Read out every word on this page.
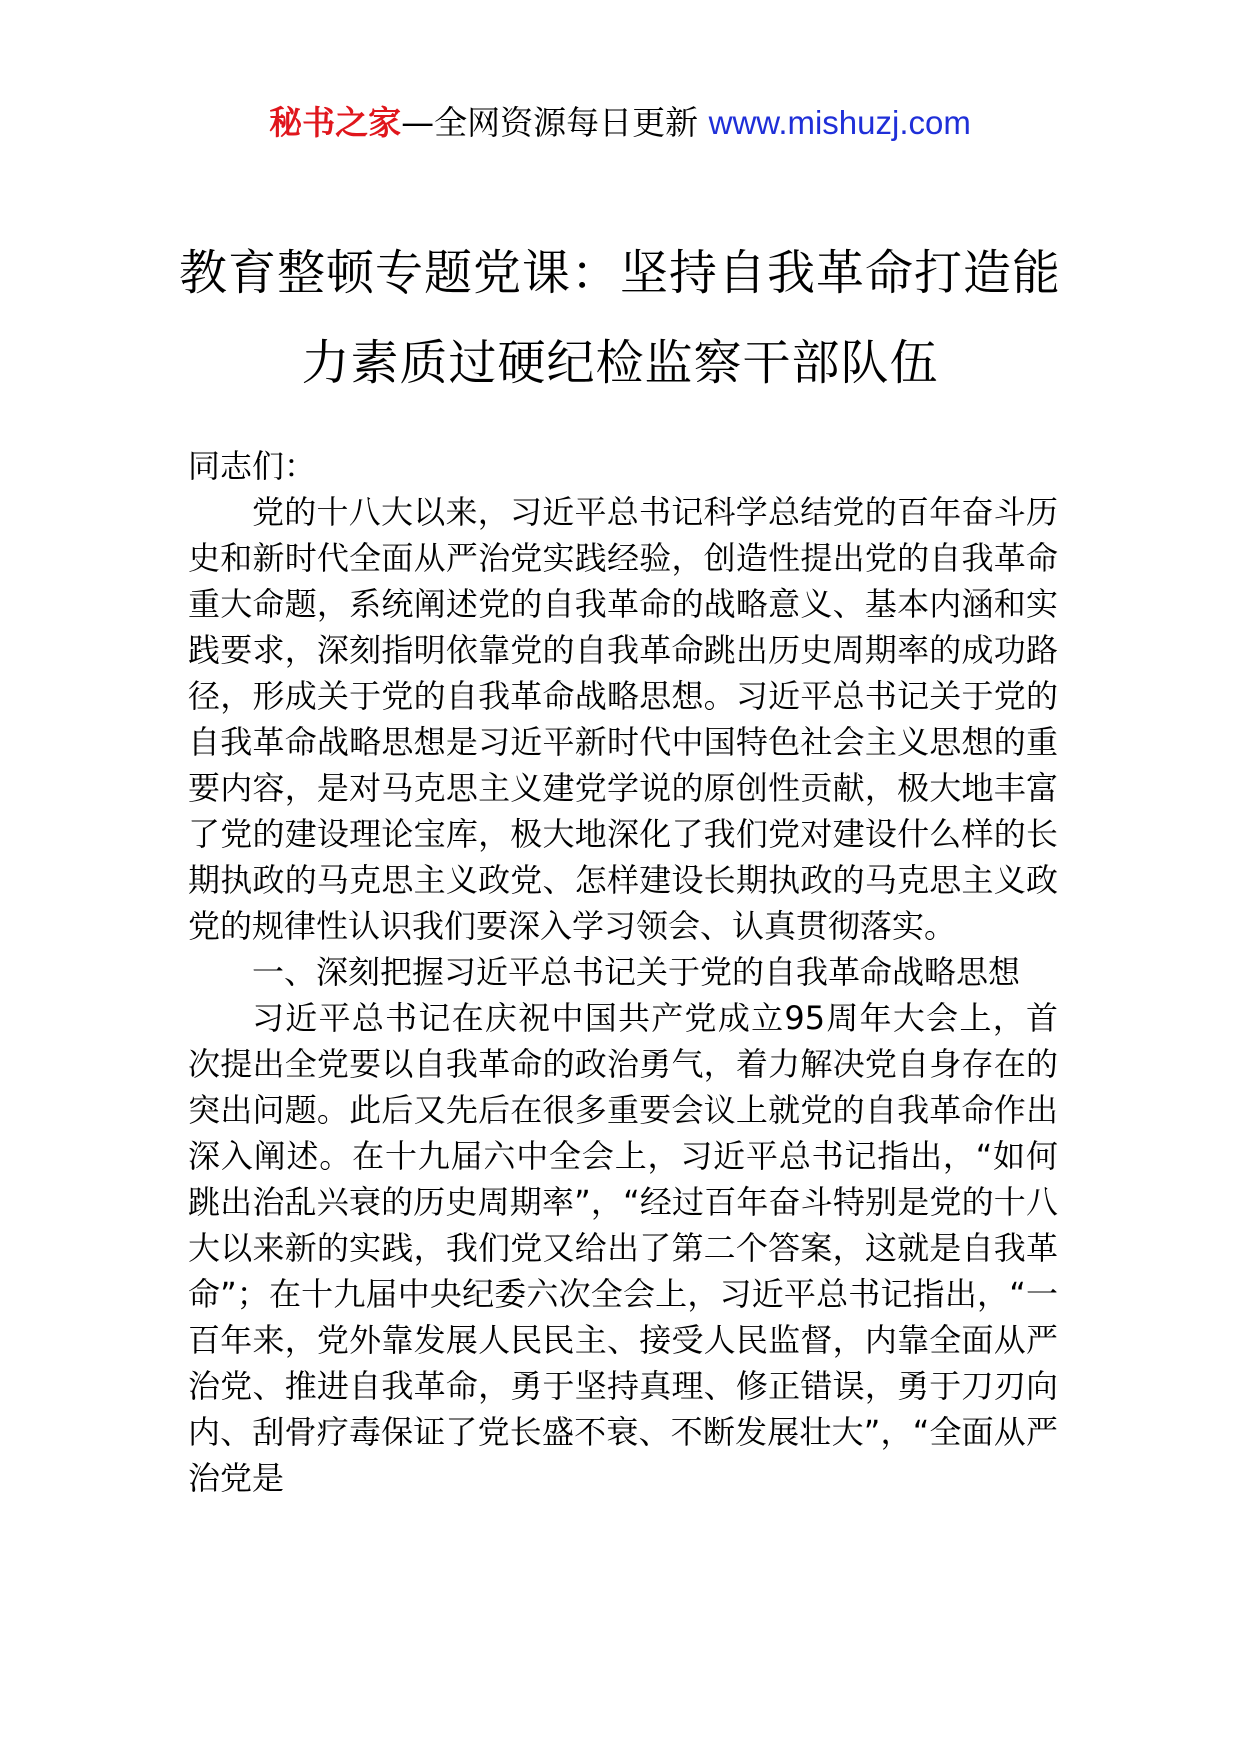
秘书之家—全网资源每日更新 www.mishuzj.com
教育整顿专题党课：坚持自我革命打造能
力素质过硬纪检监察干部队伍

同志们：

党的十八大以来，习近平总书记科学总结党的百年奋斗历史和新时代全面从严治党实践经验，创造性提出党的自我革命重大命题，系统阐述党的自我革命的战略意义、基本内涵和实践要求，深刻指明依靠党的自我革命跳出历史周期率的成功路径，形成关于党的自我革命战略思想。习近平总书记关于党的自我革命战略思想是习近平新时代中国特色社会主义思想的重要内容，是对马克思主义建党学说的原创性贡献，极大地丰富了党的建设理论宝库，极大地深化了我们党对建设什么样的长期执政的马克思主义政党、怎样建设长期执政的马克思主义政党的规律性认识我们要深入学习领会、认真贯彻落实。

一、深刻把握习近平总书记关于党的自我革命战略思想

习近平总书记在庆祝中国共产党成立95周年大会上，首次提出全党要以自我革命的政治勇气，着力解决党自身存在的突出问题。此后又先后在很多重要会议上就党的自我革命作出深入阐述。在十九届六中全会上，习近平总书记指出，“如何跳出治乱兴衰的历史周期率”，“经过百年奋斗特别是党的十八大以来新的实践，我们党又给出了第二个答案，这就是自我革命”；在十九届中央纪委六次全会上，习近平总书记指出，“一百年来，党外靠发展人民民主、接受人民监督，内靠全面从严治党、推进自我革命，勇于坚持真理、修正错误，勇于刀刃向内、刮骨疗毒保证了党长盛不衰、不断发展壮大”，“全面从严治党是
